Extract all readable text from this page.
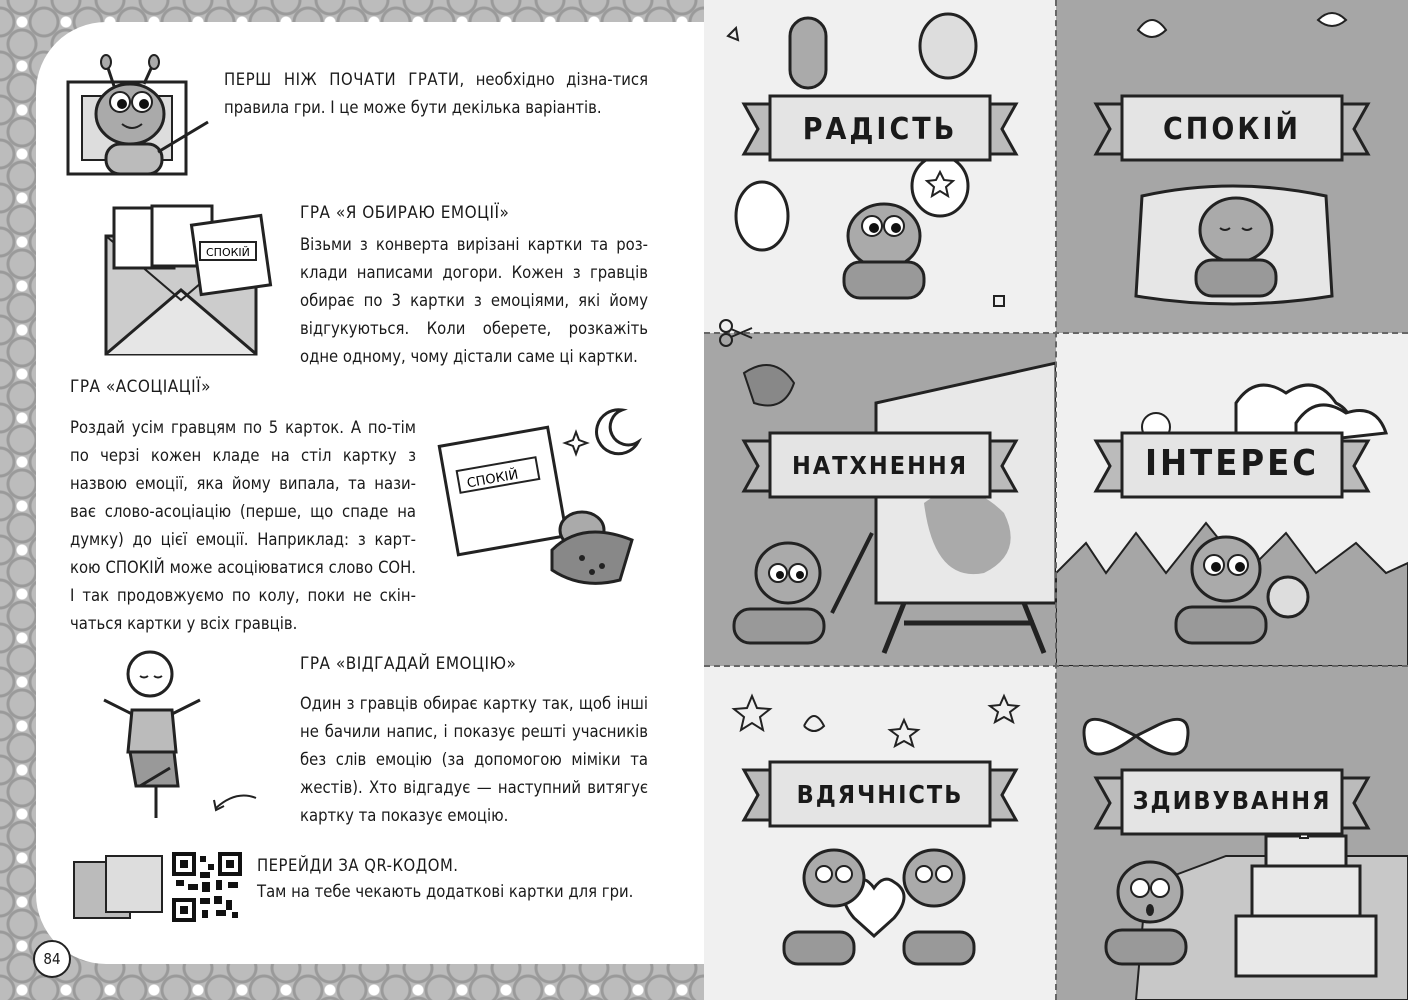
ПЕРШ НІЖ ПОЧАТИ ГРАТИ, необхідно дізна-тися правила гри. І це може бути декілька варіантів.
СПОКІЙ
ГРА «Я ОБИРАЮ ЕМОЦІЇ»
Візьми з конверта вирізані картки та роз-клади написами догори. Кожен з гравців обирає по 3 картки з емоціями, які йому відгукуються. Коли оберете, розкажіть одне одному, чому дістали саме ці картки.
ГРА «АСОЦІАЦІЇ»
Роздай усім гравцям по 5 карток. А по-тім по черзі кожен кладе на стіл картку з назвою емоції, яка йому випала, та нази-ває слово-асоціацію (перше, що спаде на думку) до цієї емоції. Наприклад: з карт-кою СПОКІЙ може асоціюватися слово СОН. І так продовжуємо по колу, поки не скін-чаться картки у всіх гравців.
СПОКІЙ
ГРА «ВІДГАДАЙ ЕМОЦІЮ»
Один з гравців обирає картку так, щоб інші не бачили напис, і показує решті учасників без слів емоцію (за допомогою міміки та жестів). Хто відгадує — наступний витягує картку та показує емоцію.
ПЕРЕЙДИ ЗА QR-КОДОМ.
Там на тебе чекають додаткові картки для гри.
84
РАДІСТЬ	СПОКІЙ
НАТХНЕННЯ	ІНТЕРЕС
ВДЯЧНІСТЬ	ЗДИВУВАННЯ
